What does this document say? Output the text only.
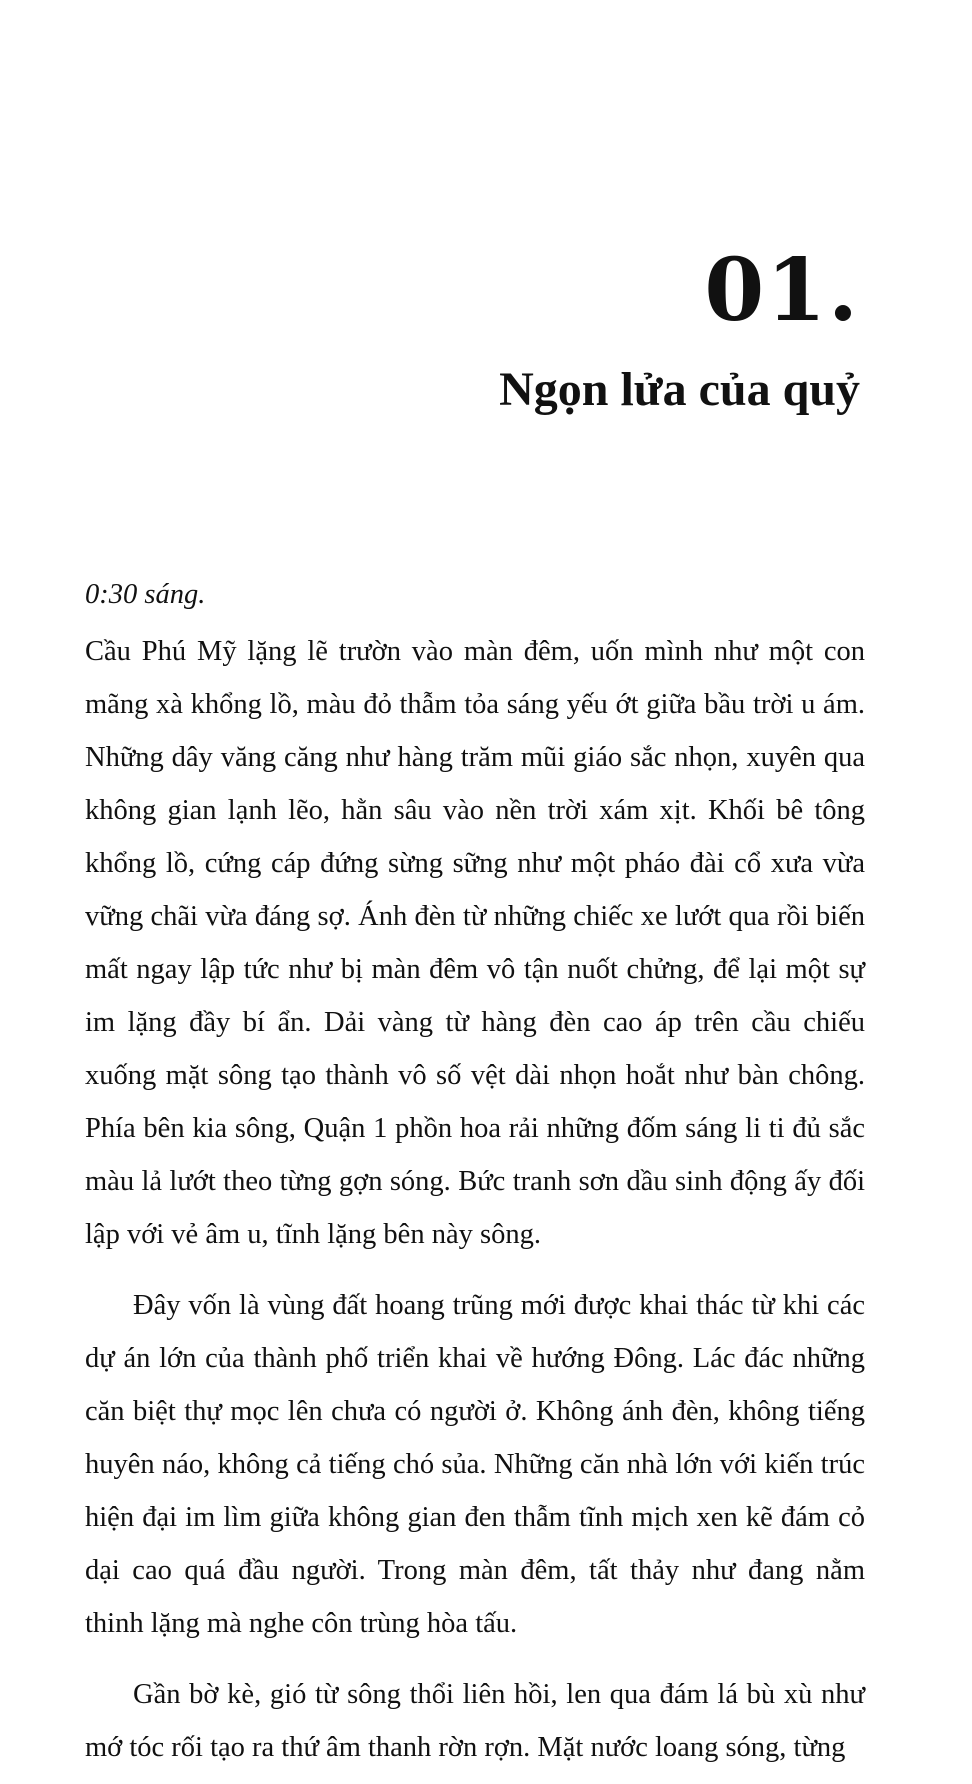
01.
Ngọn lửa của quỷ

0:30 sáng.

Cầu Phú Mỹ lặng lẽ trườn vào màn đêm, uốn mình như một con mãng xà khổng lồ, màu đỏ thẫm tỏa sáng yếu ớt giữa bầu trời u ám. Những dây văng căng như hàng trăm mũi giáo sắc nhọn, xuyên qua không gian lạnh lẽo, hằn sâu vào nền trời xám xịt. Khối bê tông khổng lồ, cứng cáp đứng sừng sững như một pháo đài cổ xưa vừa vững chãi vừa đáng sợ. Ánh đèn từ những chiếc xe lướt qua rồi biến mất ngay lập tức như bị màn đêm vô tận nuốt chửng, để lại một sự im lặng đầy bí ẩn. Dải vàng từ hàng đèn cao áp trên cầu chiếu xuống mặt sông tạo thành vô số vệt dài nhọn hoắt như bàn chông. Phía bên kia sông, Quận 1 phồn hoa rải những đốm sáng li ti đủ sắc màu lả lướt theo từng gợn sóng. Bức tranh sơn dầu sinh động ấy đối lập với vẻ âm u, tĩnh lặng bên này sông.

Đây vốn là vùng đất hoang trũng mới được khai thác từ khi các dự án lớn của thành phố triển khai về hướng Đông. Lác đác những căn biệt thự mọc lên chưa có người ở. Không ánh đèn, không tiếng huyên náo, không cả tiếng chó sủa. Những căn nhà lớn với kiến trúc hiện đại im lìm giữa không gian đen thẫm tĩnh mịch xen kẽ đám cỏ dại cao quá đầu người. Trong màn đêm, tất thảy như đang nằm thinh lặng mà nghe côn trùng hòa tấu.

Gần bờ kè, gió từ sông thổi liên hồi, len qua đám lá bù xù như mớ tóc rối tạo ra thứ âm thanh rờn rợn. Mặt nước loang sóng, từng
